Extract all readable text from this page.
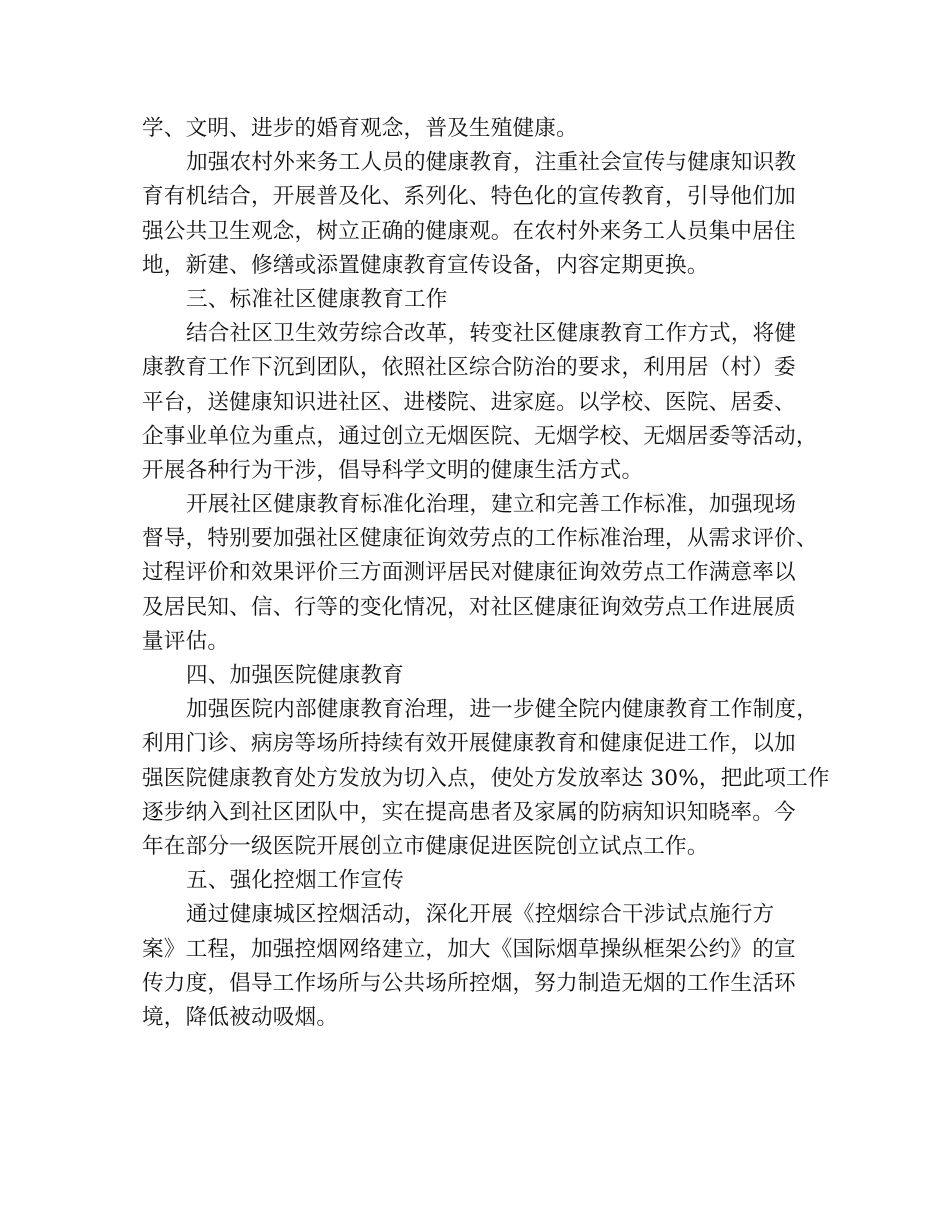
学、文明、进步的婚育观念，普及生殖健康。
加强农村外来务工人员的健康教育，注重社会宣传与健康知识教
育有机结合，开展普及化、系列化、特色化的宣传教育，引导他们加
强公共卫生观念，树立正确的健康观。在农村外来务工人员集中居住
地，新建、修缮或添置健康教育宣传设备，内容定期更换。
三、标准社区健康教育工作
结合社区卫生效劳综合改革，转变社区健康教育工作方式，将健
康教育工作下沉到团队，依照社区综合防治的要求，利用居（村）委
平台，送健康知识进社区、进楼院、进家庭。以学校、医院、居委、
企事业单位为重点，通过创立无烟医院、无烟学校、无烟居委等活动，
开展各种行为干涉，倡导科学文明的健康生活方式。
开展社区健康教育标准化治理，建立和完善工作标准，加强现场
督导，特别要加强社区健康征询效劳点的工作标准治理，从需求评价、
过程评价和效果评价三方面测评居民对健康征询效劳点工作满意率以
及居民知、信、行等的变化情况，对社区健康征询效劳点工作进展质
量评估。
四、加强医院健康教育
加强医院内部健康教育治理，进一步健全院内健康教育工作制度，
利用门诊、病房等场所持续有效开展健康教育和健康促进工作，以加
强医院健康教育处方发放为切入点，使处方发放率达 30%，把此项工作
逐步纳入到社区团队中，实在提高患者及家属的防病知识知晓率。今
年在部分一级医院开展创立市健康促进医院创立试点工作。
五、强化控烟工作宣传
通过健康城区控烟活动，深化开展《控烟综合干涉试点施行方
案》工程，加强控烟网络建立，加大《国际烟草操纵框架公约》的宣
传力度，倡导工作场所与公共场所控烟，努力制造无烟的工作生活环
境，降低被动吸烟。
